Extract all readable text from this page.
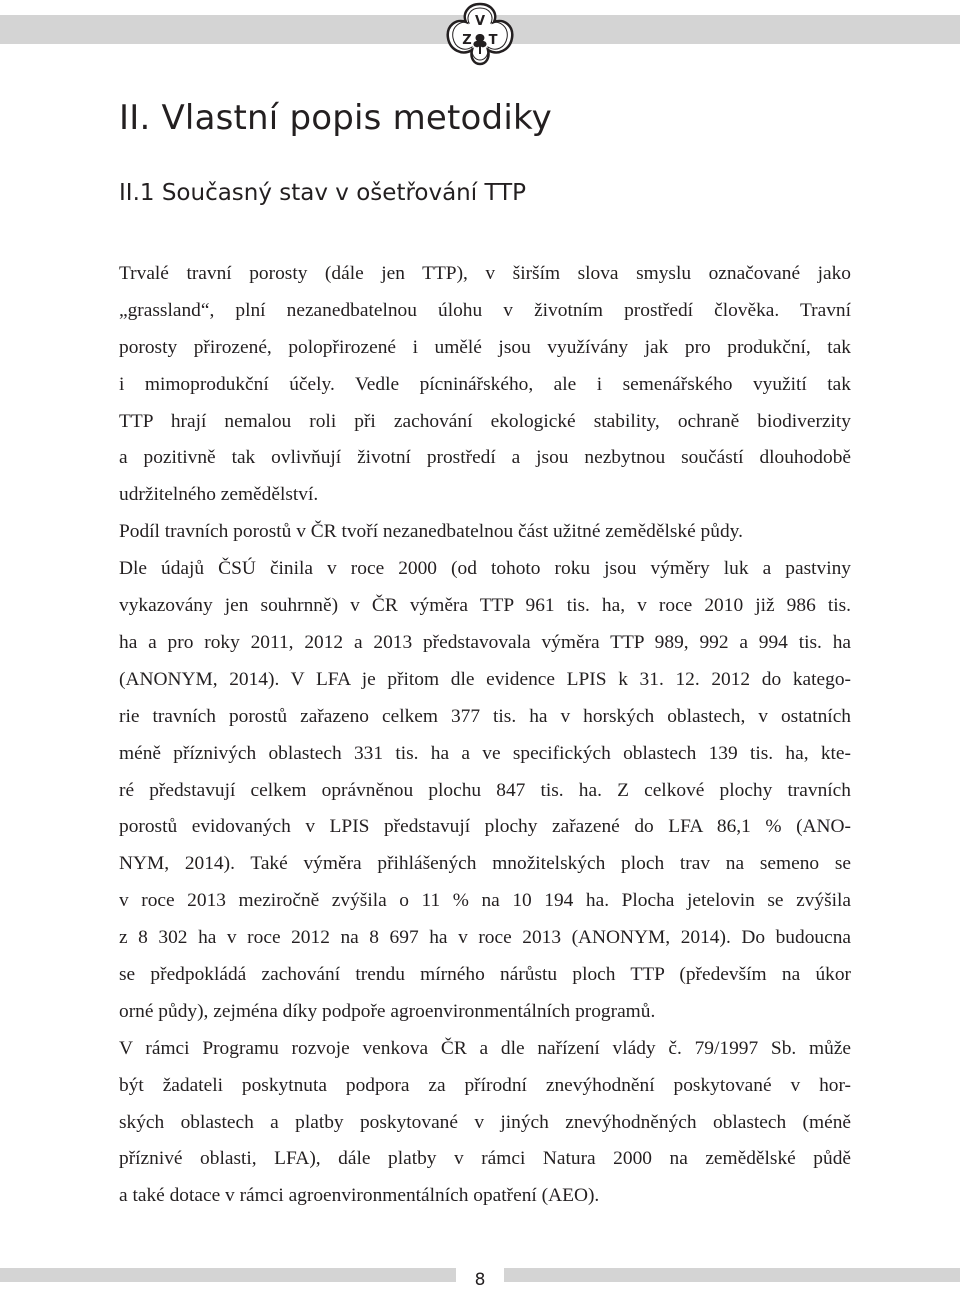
V
Z T
II. Vlastní popis metodiky
II.1 Současný stav v ošetřování TTP
Trvalé travní porosty (dále jen TTP), v širším slova smyslu označované jako
„grassland“, plní nezanedbatelnou úlohu v životním prostředí člověka. Travní
porosty přirozené, polopřirozené i umělé jsou využívány jak pro produkční, tak
i mimoprodukční účely. Vedle pícninářského, ale i semenářského využití tak
TTP hrají nemalou roli při zachování ekologické stability, ochraně biodiverzity
a pozitivně tak ovlivňují životní prostředí a jsou nezbytnou součástí dlouhodobě
udržitelného zemědělství.
Podíl travních porostů v ČR tvoří nezanedbatelnou část užitné zemědělské půdy.
Dle údajů ČSÚ činila v roce 2000 (od tohoto roku jsou výměry luk a pastviny
vykazovány jen souhrnně) v ČR výměra TTP 961 tis. ha, v roce 2010 již 986 tis.
ha a pro roky 2011, 2012 a 2013 představovala výměra TTP 989, 992 a 994 tis. ha
(ANONYM, 2014). V LFA je přitom dle evidence LPIS k 31. 12. 2012 do katego-
rie travních porostů zařazeno celkem 377 tis. ha v horských oblastech, v ostatních
méně příznivých oblastech 331 tis. ha a ve specifických oblastech 139 tis. ha, kte-
ré představují celkem oprávněnou plochu 847 tis. ha. Z celkové plochy travních
porostů evidovaných v LPIS představují plochy zařazené do LFA 86,1 % (ANO-
NYM, 2014). Také výměra přihlášených množitelských ploch trav na semeno se
v roce 2013 meziročně zvýšila o 11 % na 10 194 ha. Plocha jetelovin se zvýšila
z 8 302 ha v roce 2012 na 8 697 ha v roce 2013 (ANONYM, 2014). Do budoucna
se předpokládá zachování trendu mírného nárůstu ploch TTP (především na úkor
orné půdy), zejména díky podpoře agroenvironmentálních programů.
V rámci Programu rozvoje venkova ČR a dle nařízení vlády č. 79/1997 Sb. může
být žadateli poskytnuta podpora za přírodní znevýhodnění poskytované v hor-
ských oblastech a platby poskytované v jiných znevýhodněných oblastech (méně
příznivé oblasti, LFA), dále platby v rámci Natura 2000 na zemědělské půdě
a také dotace v rámci agroenvironmentálních opatření (AEO).
8
